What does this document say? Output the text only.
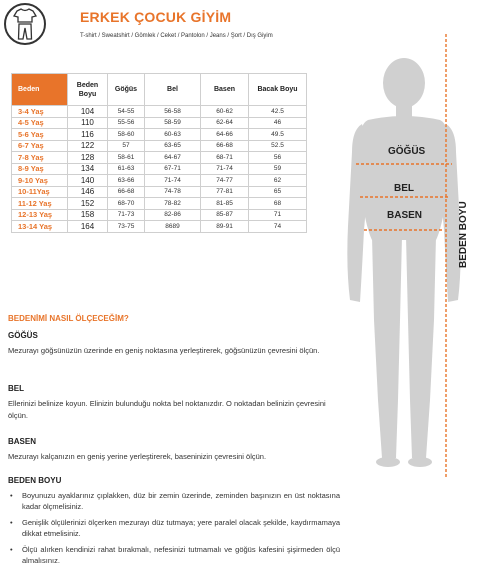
ERKEK ÇOCUK GİYİM
T-shirt / Sweatshirt / Gömlek / Ceket / Pantolon / Jeans / Şort / Dış Giyim
Beden	Beden Boyu	Göğüs	Bel	Basen	Bacak Boyu
3-4 Yaş	104	54-55	56-58	60-62	42.5
4-5 Yaş	110	55-56	58-59	62-64	46
5-6 Yaş	116	58-60	60-63	64-66	49.5
6-7 Yaş	122	57	63-65	66-68	52.5
7-8 Yaş	128	58-61	64-67	68-71	56
8-9 Yaş	134	61-63	67-71	71-74	59
9-10 Yaş	140	63-66	71-74	74-77	62
10-11Yaş	146	66-68	74-78	77-81	65
11-12 Yaş	152	68-70	78-82	81-85	68
12-13 Yaş	158	71-73	82-86	85-87	71
13-14 Yaş	164	73-75	8689	89-91	74
BEDENİMİ NASIL ÖLÇECEĞİM?
GÖĞÜS
Mezurayı göğsünüzün üzerinde en geniş noktasına yerleştirerek, göğsünüzün çevresini ölçün.
BEL
Ellerinizi belinize koyun. Elinizin bulunduğu nokta bel noktanızdır. O noktadan belinizin çevresini ölçün.
BASEN
Mezurayı kalçanızın en geniş yerine yerleştirerek, baseninizin çevresini ölçün.
BEDEN BOYU
• Boyunuzu ayaklarınız çıplakken, düz bir zemin üzerinde, zeminden başınızın en üst noktasına kadar ölçmelisiniz.
• Genişlik ölçülerinizi ölçerken mezurayı düz tutmaya; yere paralel olacak şekilde, kaydırmamaya dikkat etmelisiniz.
• Ölçü alırken kendinizi rahat bırakmalı, nefesinizi tutmamalı ve göğüs kafesini şişirmeden ölçü almalısınız.
GÖĞÜS
BEL
BASEN	BEDEN BOYU
